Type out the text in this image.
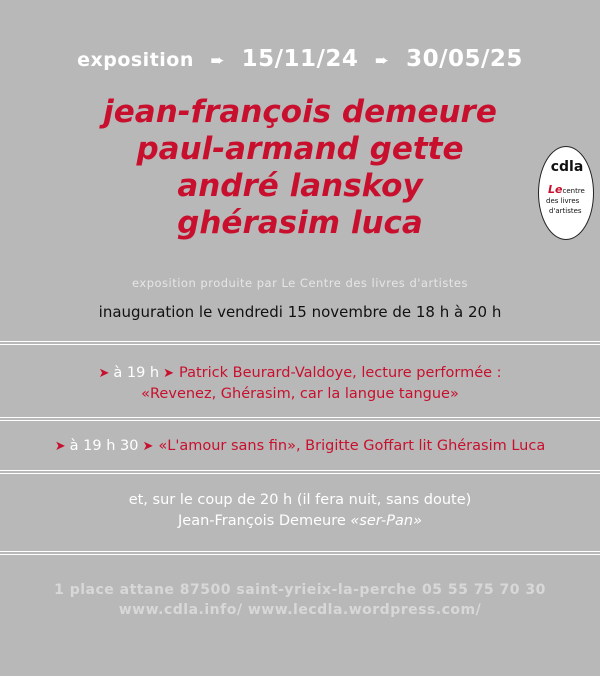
exposition ➨ 15/11/24 ➨ 30/05/25
jean-françois demeure
paul-armand gette
andré lanskoy
ghérasim luca
cdla
Lecentre
des livres
d'artistes
exposition produite par Le Centre des livres d'artistes
inauguration le vendredi 15 novembre de 18 h à 20 h
➤ à 19 h ➤ Patrick Beurard-Valdoye, lecture performée :
«Revenez, Ghérasim, car la langue tangue»
➤ à 19 h 30 ➤ «L'amour sans fin», Brigitte Goffart lit Ghérasim Luca
et, sur le coup de 20 h (il fera nuit, sans doute)
Jean-François Demeure «ser-Pan»
1 place attane 87500 saint-yrieix-la-perche 05 55 75 70 30
www.cdla.info/ www.lecdla.wordpress.com/
